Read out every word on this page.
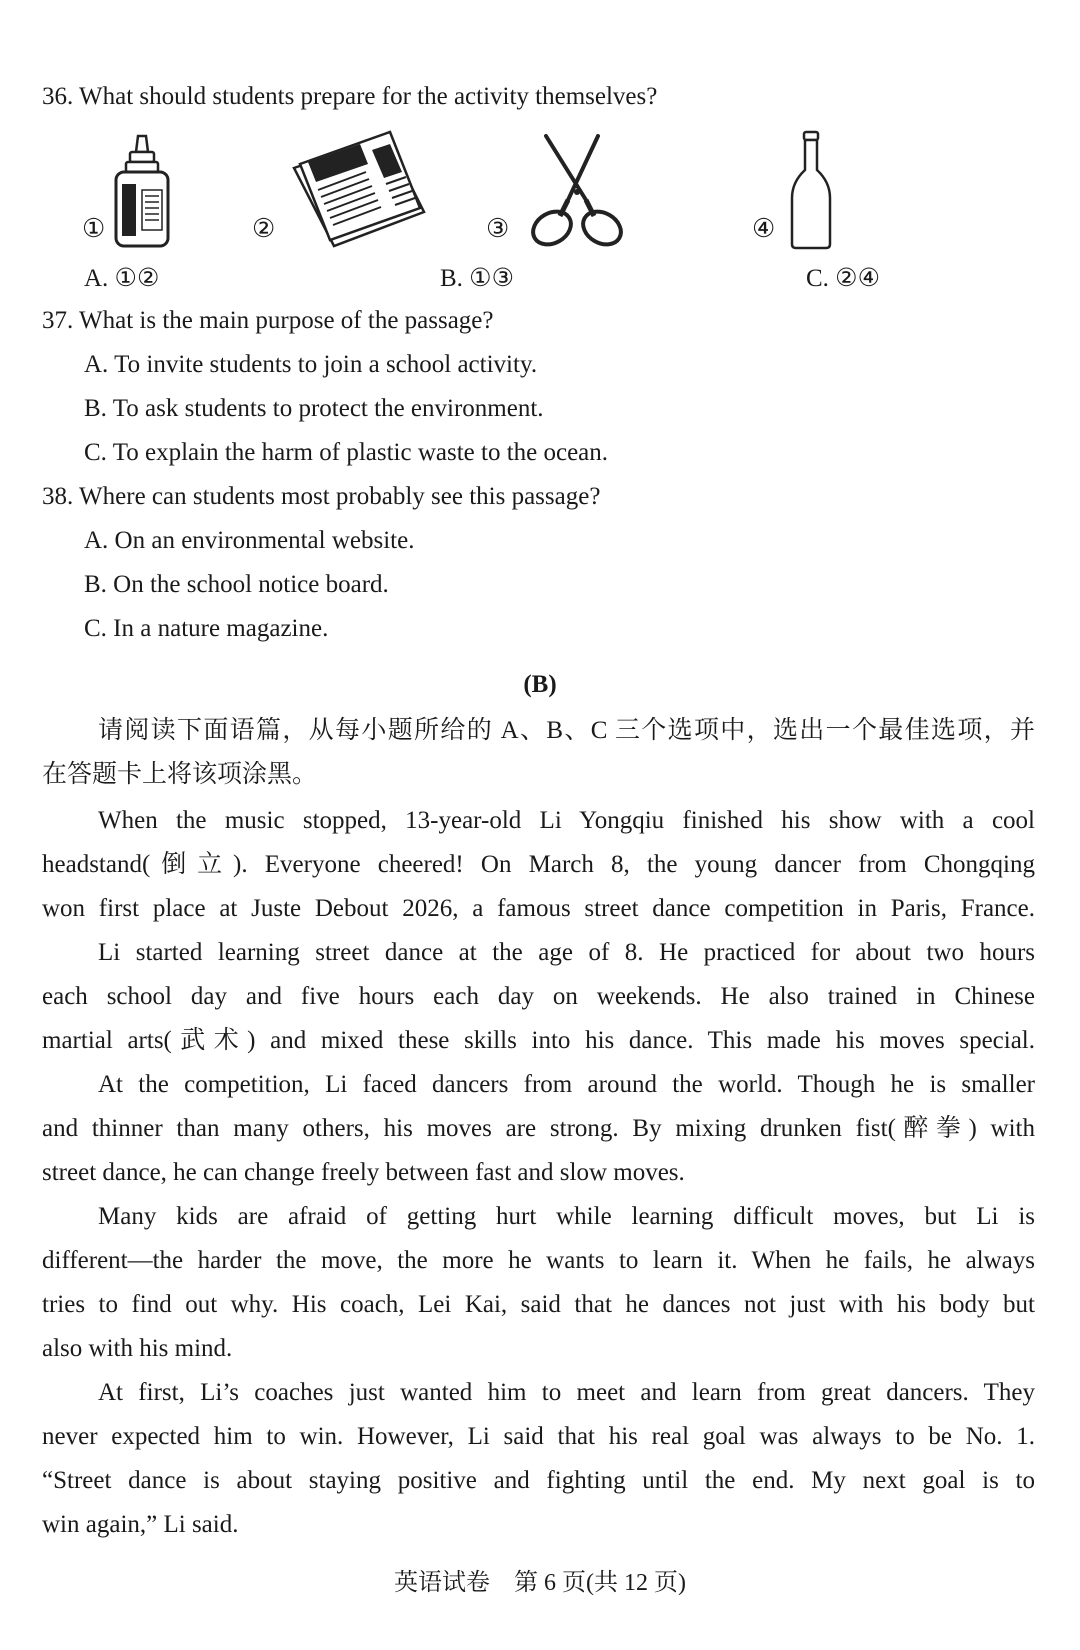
36. What should students prepare for the activity themselves?
①	②	③	④
A. ①②	B. ①③	C. ②④
37. What is the main purpose of the passage?
A. To invite students to join a school activity.
B. To ask students to protect the environment.
C. To explain the harm of plastic waste to the ocean.
38. Where can students most probably see this passage?
A. On an environmental website.
B. On the school notice board.
C. In a nature magazine.
(B)
请阅读下面语篇，从每小题所给的 A、B、C 三个选项中，选出一个最佳选项，并
在答题卡上将该项涂黑。
When the music stopped, 13-year-old Li Yongqiu finished his show with a cool
headstand(倒立). Everyone cheered! On March 8, the young dancer from Chongqing
won first place at Juste Debout 2026, a famous street dance competition in Paris, France.
Li started learning street dance at the age of 8. He practiced for about two hours
each school day and five hours each day on weekends. He also trained in Chinese
martial arts(武术) and mixed these skills into his dance. This made his moves special.
At the competition, Li faced dancers from around the world. Though he is smaller
and thinner than many others, his moves are strong. By mixing drunken fist(醉拳) with
street dance, he can change freely between fast and slow moves.
Many kids are afraid of getting hurt while learning difficult moves, but Li is
different—the harder the move, the more he wants to learn it. When he fails, he always
tries to find out why. His coach, Lei Kai, said that he dances not just with his body but
also with his mind.
At first, Li’s coaches just wanted him to meet and learn from great dancers. They
never expected him to win. However, Li said that his real goal was always to be No. 1.
“Street dance is about staying positive and fighting until the end. My next goal is to
win again,” Li said.
英语试卷　第 6 页(共 12 页)
